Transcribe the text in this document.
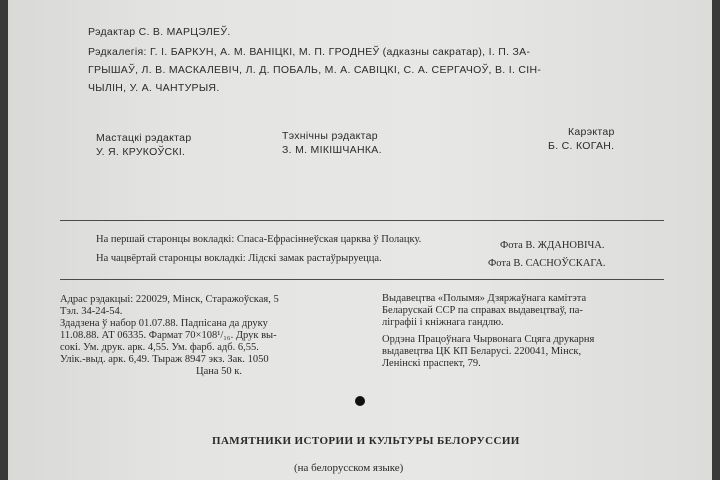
Рэдактар С. В. МАРЦЭЛЕЎ.
Рэдкалегія: Г. І. БАРКУН, А. М. ВАНІЦКІ, М. П. ГРОДНЕЎ (адказны сакратар), І. П. ЗА-
ГРЫШАЎ, Л. В. МАСКАЛЕВІЧ, Л. Д. ПОБАЛЬ, М. А. САВІЦКІ, С. А. СЕРГАЧОЎ, В. І. СІН-
ЧЫЛІН, У. А. ЧАНТУРЫЯ.
Мастацкі рэдактар
У. Я. КРУКОЎСКІ.
Тэхнічны рэдактар
З. М. МІКІШЧАНКА.
Карэктар
Б. С. КОГАН.
На першай старонцы вокладкі: Спаса-Ефрасіннеўская царква ў Полацку.
Фота В. ЖДАНОВІЧА.
На чацвёртай старонцы вокладкі: Лідскі замак растаўрыруецца.	Фота В. САСНОЎСКАГА.
Адрас рэдакцыі: 220029, Мінск, Старажоўская, 5
Тэл. 34-24-54.
Здадзена ў набор 01.07.88. Падпісана да друку
11.08.88. АТ 06335. Фармат 70×108¹/₁₆. Друк вы-
сокі. Ум. друк. арк. 4,55. Ум. фарб. адб. 6,55.
Улік.-выд. арк. 6,49. Тыраж 8947 экз. Зак. 1050
Цана 50 к.
Выдавецтва «Полымя» Дзяржаўнага камітэта
Беларускай ССР па справах выдавецтваў, па-
ліграфіі і кніжнага гандлю.
Ордэна Працоўнага Чырвонага Сцяга друкарня
выдавецтва ЦК КП Беларусі. 220041, Мінск,
Ленінскі праспект, 79.
ПАМЯТНИКИ ИСТОРИИ И КУЛЬТУРЫ БЕЛОРУССИИ
(на белорусском языке)
